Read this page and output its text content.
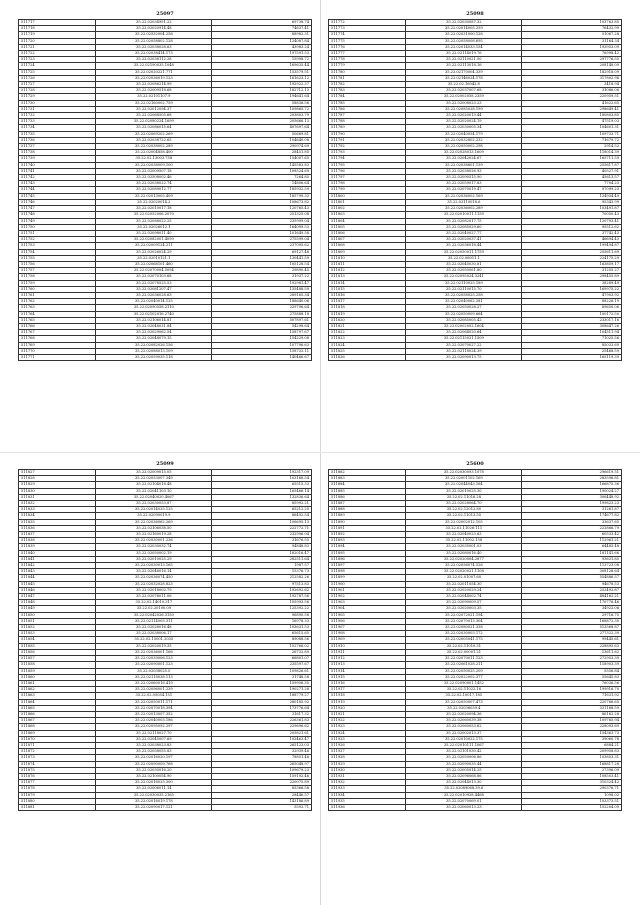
25097
511717	35.22.02034951.22	69738.74
511718	35.22.02020914.48	74637.41
511719	35.22.02532004.258	88982.31
511720	35.22.02058802.128	124087.84
511721	35.22.02038028.63	43983.24
511722	35.22.02038414.173	197591.53
511723	35.22.02038112.28	15998.72
511724	35.22.02190035.1048	169635.44
511725	35.22.02020221.771	153579.51
511726	35.22.02036019.123	161623.12
511727	35.22.02086214.99	192922.37
511728	35.22.02009518.68	182712.13
511729	35.22.02101107.9	194641.64
511730	35.22.02160002.759	58836.56
511731	35.22.02012094.37	109865.72
511732	35.22.02068505.68	203803.79
511733	35.22.02080224.1699	205666.13
511734	35.22.02086015.64	407697.64
511735	35.22.02069202.269	50669.81
511736	35.22.02038722.65	104640.08
511737	35.22.02038002.289	290974.69
511738	35.22.02004858.400	28451.85
511739	35.22.02.13003.758	154007.65
511740	35.22.02038009.100	145583.83
511741	35.22.02009507.18	108524.69
511742	35.22.02508002.46	7264.85
511743	35.22.02038022.74	14806.64
511744	35.22.02089012.77	185932.59
511745	35.22.02013005.409	185799.33
511746	35.22.02020014.2	108673.82
511747	35.22.02010017.18	120765.43
511748	35.22.02052006.2070	251325.08
511749	35.22.02088022.25	235999.04
511750	35.22.02026012.1	164099.53
511751	35.22.02098011.40	101649.58
511752	35.22.02082001.4099	275599.04
511753	35.22.02009124.211	237095.62
511754	35.22.02026024.29	69127.48
511755	35.22.02010121.1	130441.59
511756	35.22.02068101.460	105128.54
511757	35.22.02070004.5094	29890.45
511758	35.22.02070103.68	31937.22
511759	35.22.02078525.53	192981.47
511760	35.22.02081207.47	135488.59
511761	35.22.02036028.63	289165.34
511762	35.22.02040014.125	188640.06
511763	35.22.02090558.2110	229796.64
511764	35.22.02102016.2740	275888.18
511765	35.22.02106014.81	507897.61
511766	35.22.02048031.84	54298.64
511767	35.22.02029062.54	158797.67
511768	35.22.02048079.15	154229.08
511769	35.22.02082026.156	107796.63
511770	35.22.02088013.109	158732.11
511771	35.22.02059035.118	140466.67
25098
511772	35.22.02030087.32	103763.85
511773	35.22.02014005.259	76432.99
511774	35.22.02031000.128	51067.28
511775	35.22.02058008.695	31164.34
511776	35.22.02014033.154	193953.09
511777	35.22.02114019.76	76998.42
511778	35.22.02110021.50	297776.55
511779	35.22.02113018.16	208148.09
511780	35.22.02170004.339	182918.09
511781	35.22.02146024.178	317802.96
511782	35.22.02.16042.8	3418.94
511783	35.22.02037007.68	31086.06
511784	35.22.02002058.2359	220959.51
511785	35.22.02008023.23	41622.65
511786	35.22.02085028.199	298649.41
511787	35.22.02020013.44	180803.85
511788	35.22.02020024.19	47519.03
511789	35.22.02030005.34	104601.31
511790	35.22.02040054.179	109733.71
511791	35.22.02032802.232	71679.72
511792	35.22.02050002.298	2914.52
511793	35.22.02028013.1609	118014.39
511794	35.22.02042024.67	165711.59
511795	35.22.02038601.139	255617.87
511796	35.22.02038026.93	40527.91
511797	35.22.02090515.90	45613.57
511798	35.22.02059017.83	7704.23
511799	35.22.02070019.47	97099.23
511800	35.22.02036002.169	124934.49
511801	35.22.02110018.6	95343.99
511802	35.22.02036002.289	103491.87
511803	35.22.02010011.1159	70050.43
511804	35.22.02082017.75	120793.41
511805	35.22.02085029.60	95512.62
511806	35.22.02040027.77	37742.43
511807	35.22.02020037.41	46694.43
511808	35.22.02036018.44	199494.87
511809	35.22.02050011.1759	255611.69
511810	35.22.02.06011.1	224175.29
511811	35.22.02040030.81	163859.17
511812	35.22.02050061.80	31255.27
511813	35.22.02095024.3241	298455.89
511814	35.22.02110025.189	38289.49
511815	35.22.02110015.70	169975.22
511816	35.22.02058025.258	47903.92
511817	35.22.02040062.281	88226.19
511818	35.22.02050028.27	89650.06
511819	35.22.02050009.664	100172.50
511820	35.22.02085005.42	233017.16
511821	35.22.02002002.1604	308647.26
511822	35.22.02064020.64	104511.94
511823	35.22.02115021.1509	71025.56
511824	35.22.02070027.22	85033.69
511825	35.22.02118024.39	25468.59
511826	35.22.02090013.75	165119.39
25099
511827	35.22.02009015.05	192317.09
511828	35.22.02053007.349	103168.54
511829	35.22.02104018.48	65515.33
511830	35.22.02041103.10	165466.14
511831	35.22.02040020.4067	132836.64
511832	35.22.02030053.87	85992.21
511833	35.22.02014025.125	65212.25
511834	35.22.02090019.9	86492.54
511835	35.22.02036062.269	106695.13
511836	35.22.02106038.50	222772.71
511837	35.22.02160019.28	232996.04
511838	35.22.02030001.236	31676.55
511839	35.22.02030032.74	94848.83
511840	35.22.02050002.19	182016.47
511841	35.22.02010025.29	282511.64
511842	35.22.02030013.165	1987.57
511843	35.22.02046016.14	15376.73
511844	35.22.02036074.450	212582.26
511845	35.22.02032028.823	97513.83
511846	35.22.02018002.79	192692.62
511847	35.22.02076011.06	192787.56
511848	35.22.02.14010.317	105993.56
511849	35.22.02.20100.09	125392.22
511850	35.22.02042026.3150	96890.58
511851	35.22.02114005.311	16978.33
511852	35.22.02028016.48	103631.53
511853	35.22.02038006.17	65615.65
511854	35.22.02.15001.2035	89088.56
511855	35.22.02020019.35	152766.02
511856	35.22.02036001.166	26732.89
511857	35.22.02039006.123	66801.07
511858	35.22.02090001.123	235597.67
511859	35.22.02038025.0	109826.61
511860	35.22.02118038.113	31748.58
511861	35.22.02060016.419	159956.35
511862	35.22.02096001.239	190271.28
511863	35.22.02.05054.151	188779.27
511864	35.22.02050011.171	280185.92
511865	35.22.02070018.394	173776.64
511866	35.22.02013007.352	31617.32
511867	35.22.02040003.186	226361.83
511868	35.22.02095092.297	229696.62
511869	35.22.02118027.70	205821.61
511870	35.22.02045007.69	102463.47
511871	35.22.02038023.83	265123.03
511872	35.22.02058055.83	32939.46
511873	35.22.02016020.197	78851.46
511874	35.22.02090009.768	265048.97
511875	35.22.02030016.20	109679.23
511876	35.22.02100054.90	159192.46
511877	35.22.02016025.300	220075.89
511878	35.22.02006011.14	85366.58
511879	35.22.02030035.2165	28446.57
511880	35.22.02016019.178	143186.89
511881	35.22.02090017.121	5592.71
25600
511882	35.22.02030093.1078	296619.51
511883	35.22.02001102.169	283596.81
511884	35.22.02044043.164	166875.36
511885	35.22.02010025.30	190024.27
511886	35.22.02.11016.28	306448.92
511887	35.22.02028064.70	199823.23
511888	35.22.02.12012.80	31261.87
511889	35.22.02.11013.55	174677.82
511890	35.22.02002012.105	33637.65
511891	35.22.02.11026.111	222866.79
511892	35.22.02040023.63	60533.42
511893	35.22.02.11002.158	112961.21
511894	35.22.02035001.03	64485.48
511895	35.22.02080016.40	181141.66
511896	35.22.02020004.2877	93631.85
511897	35.22.02056074.526	113723.08
511898	35.22.02020021.1108	308126.64
511899	35.22.02.01007.60	554886.57
511900	35.22.02011054.30	94678.53
511901	35.22.02020029.24	252492.87
511902	35.22.02044002.74	484162.21
511903	35.22.02090009.57	170776.46
511904	35.22.02020003.35	34922.06
511905	35.22.02072021.194	29716.75
511906	35.22.02070013.304	168872.30
511907	35.22.02080021.338	513568.87
511908	35.22.02030003.172	277322.39
511909	35.22.02005041.175	99445.61
511910	35.22.02.11010.31	228895.63
511911	35.22.02.00001.21	13611.62
511912	35.22.02070011.123	272953.39
511913	35.22.02061028.211	118903.39
511914	35.22.02050025.209	5556.84
511915	35.22.02022002.377	55645.83
511916	35.22.02090001.1452	76036.56
511917	35.22.02.11022.16	199916.70
511918	35.22.02.10017.185	71631.92
511919	35.22.02050007.473	220766.65
511920	35.22.02036039.4	331168.59
511921	35.22.02020094.36	86162.28
511922	35.22.02060039.38	109765.94
511923	35.22.02060053.62	228093.69
511924	35.22.02002013.37	154363.73
511925	35.22.02010022.175	39060.78
511926	35.22.02010111.1067	6884.21
511927	35.22.02101030.42	209958.83
511928	35.22.02050006.86	103853.31
511929	35.22.02090035.44	168817.28
511930	35.22.02005014.25	27396.09
511931	35.22.02096068.86	108503.41
511932	35.22.02044013.30	310324.42
511933	35.22.02089068.39.6	290376.71
511934	35.22.02010928.4468	1098.02
511935	35.22.02070069.01	103373.51
511936	35.22.02060013.23	152204.09
